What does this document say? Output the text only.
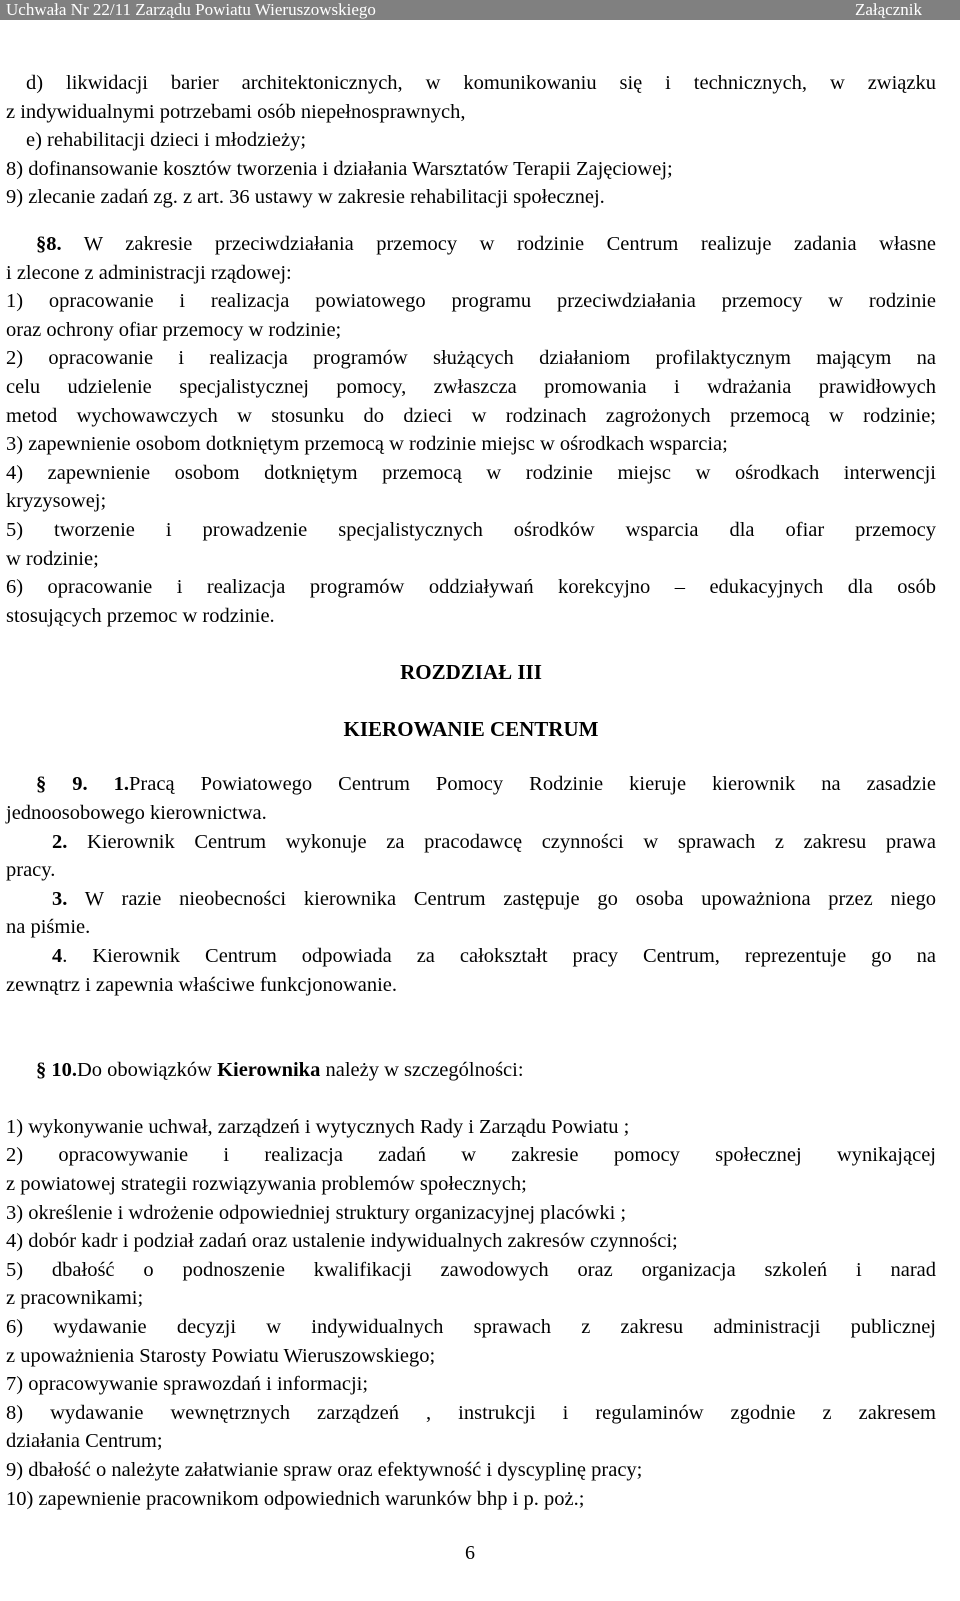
Uchwała Nr 22/11 Zarządu Powiatu Wieruszowskiego	Załącznik
d) likwidacji barier architektonicznych, w komunikowaniu się i technicznych, w związku
z indywidualnymi potrzebami osób niepełnosprawnych,
e) rehabilitacji dzieci i młodzieży;
8) dofinansowanie kosztów tworzenia i działania Warsztatów Terapii Zajęciowej;
9) zlecanie zadań zg. z art. 36 ustawy w zakresie rehabilitacji społecznej.
§8. W zakresie przeciwdziałania przemocy w rodzinie Centrum realizuje zadania własne
i zlecone z administracji rządowej:
1) opracowanie i realizacja powiatowego programu przeciwdziałania przemocy w rodzinie
oraz ochrony ofiar przemocy w rodzinie;
2) opracowanie i realizacja programów służących działaniom profilaktycznym mającym na
celu udzielenie specjalistycznej pomocy, zwłaszcza promowania i wdrażania prawidłowych
metod wychowawczych w stosunku do dzieci w rodzinach zagrożonych przemocą w rodzinie;
3) zapewnienie osobom dotkniętym przemocą w rodzinie miejsc w ośrodkach wsparcia;
4) zapewnienie osobom dotkniętym przemocą w rodzinie miejsc w ośrodkach interwencji
kryzysowej;
5) tworzenie i prowadzenie specjalistycznych ośrodków wsparcia dla ofiar przemocy
w rodzinie;
6) opracowanie i realizacja programów oddziaływań korekcyjno – edukacyjnych dla osób
stosujących przemoc w rodzinie.
ROZDZIAŁ III
KIEROWANIE CENTRUM
§ 9. 1.Pracą Powiatowego Centrum Pomocy Rodzinie kieruje kierownik na zasadzie
jednoosobowego kierownictwa.
2. Kierownik Centrum wykonuje za pracodawcę czynności w sprawach z zakresu prawa
pracy.
3. W razie nieobecności kierownika Centrum zastępuje go osoba upoważniona przez niego
na piśmie.
4. Kierownik Centrum odpowiada za całokształt pracy Centrum, reprezentuje go na
zewnątrz i zapewnia właściwe funkcjonowanie.
§ 10.Do obowiązków Kierownika należy w szczególności:
1) wykonywanie uchwał, zarządzeń i wytycznych Rady i Zarządu Powiatu ;
2) opracowywanie i realizacja zadań w zakresie pomocy społecznej wynikającej
z powiatowej strategii rozwiązywania problemów społecznych;
3) określenie i wdrożenie odpowiedniej struktury organizacyjnej placówki ;
4) dobór kadr i podział zadań oraz ustalenie indywidualnych zakresów czynności;
5) dbałość o podnoszenie kwalifikacji zawodowych oraz organizacja szkoleń i narad
z pracownikami;
6) wydawanie decyzji w indywidualnych sprawach z zakresu administracji publicznej
z upoważnienia Starosty Powiatu Wieruszowskiego;
7) opracowywanie sprawozdań i informacji;
8) wydawanie wewnętrznych zarządzeń , instrukcji i regulaminów zgodnie z zakresem
działania Centrum;
9) dbałość o należyte załatwianie spraw oraz efektywność i dyscyplinę pracy;
10) zapewnienie pracownikom odpowiednich warunków bhp i p. poż.;
6
